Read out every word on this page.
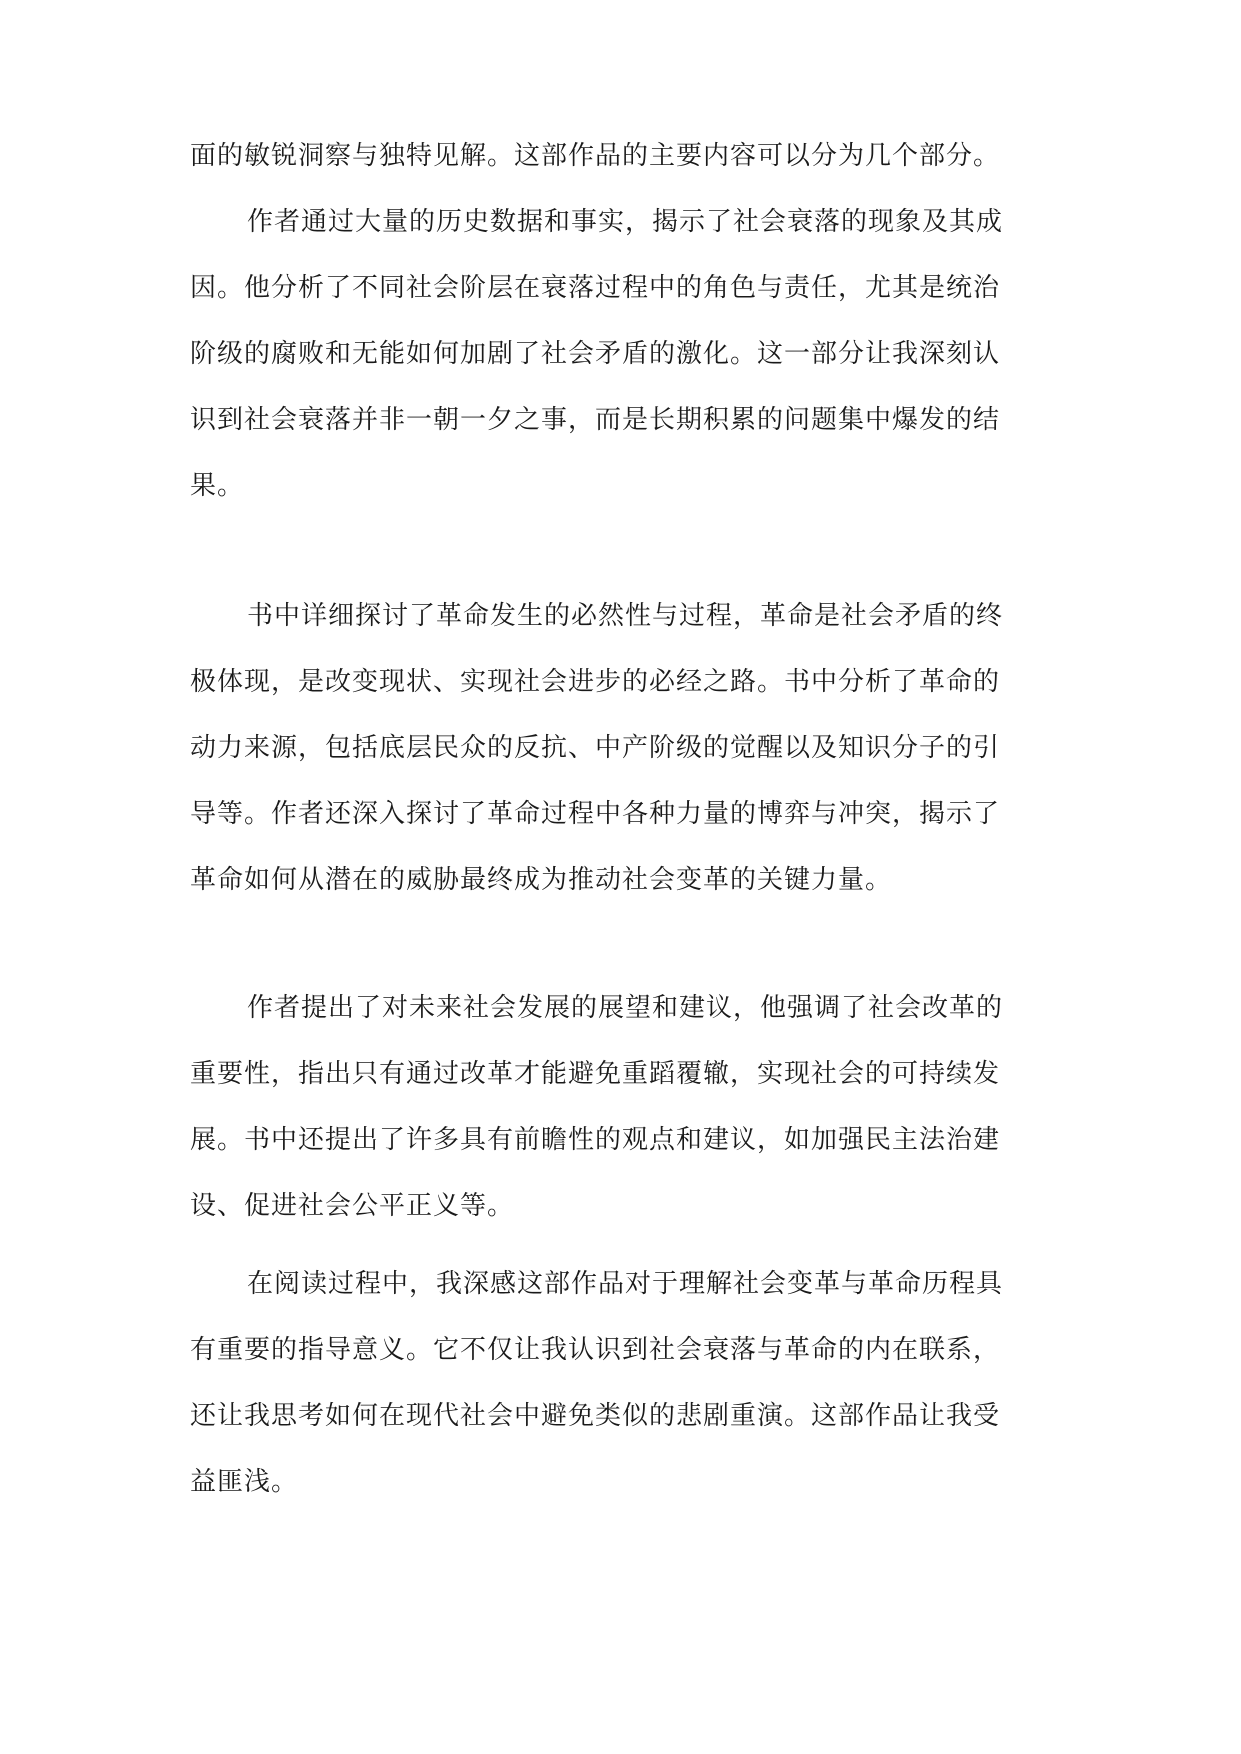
面的敏锐洞察与独特见解。这部作品的主要内容可以分为几个部分。

作者通过大量的历史数据和事实，揭示了社会衰落的现象及其成

因。他分析了不同社会阶层在衰落过程中的角色与责任，尤其是统治

阶级的腐败和无能如何加剧了社会矛盾的激化。这一部分让我深刻认

识到社会衰落并非一朝一夕之事，而是长期积累的问题集中爆发的结

果。

书中详细探讨了革命发生的必然性与过程，革命是社会矛盾的终

极体现，是改变现状、实现社会进步的必经之路。书中分析了革命的

动力来源，包括底层民众的反抗、中产阶级的觉醒以及知识分子的引

导等。作者还深入探讨了革命过程中各种力量的博弈与冲突，揭示了

革命如何从潜在的威胁最终成为推动社会变革的关键力量。

作者提出了对未来社会发展的展望和建议，他强调了社会改革的

重要性，指出只有通过改革才能避免重蹈覆辙，实现社会的可持续发

展。书中还提出了许多具有前瞻性的观点和建议，如加强民主法治建

设、促进社会公平正义等。

在阅读过程中，我深感这部作品对于理解社会变革与革命历程具

有重要的指导意义。它不仅让我认识到社会衰落与革命的内在联系，

还让我思考如何在现代社会中避免类似的悲剧重演。这部作品让我受

益匪浅。
